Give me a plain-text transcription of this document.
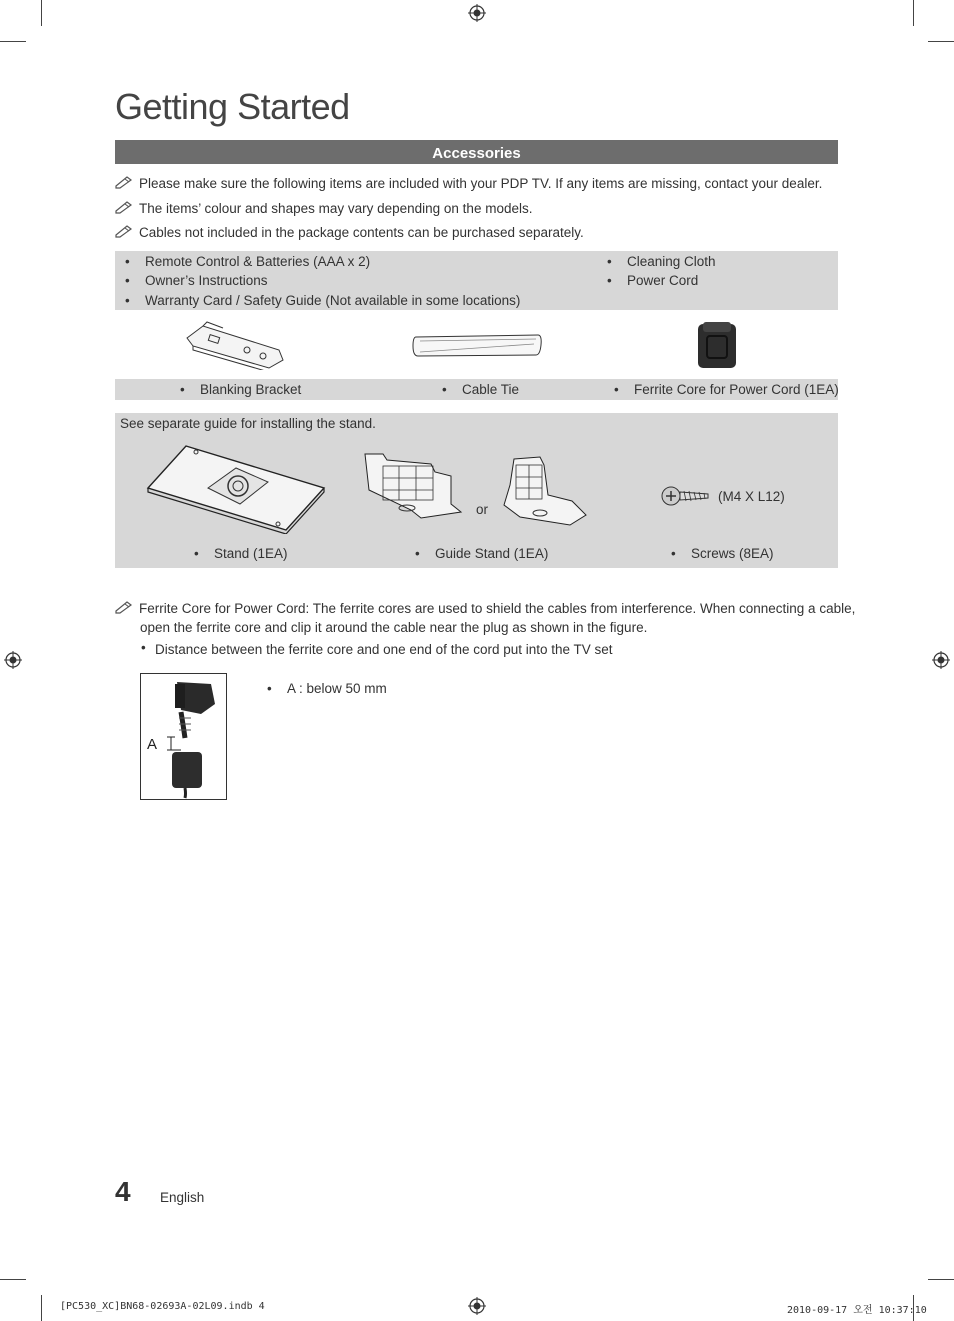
Getting Started
Accessories
Please make sure the following items are included with your PDP TV. If any items are missing, contact your dealer.
The items’ colour and shapes may vary depending on the models.
Cables not included in the package contents can be purchased separately.
• Remote Control & Batteries (AAA x 2)
• Owner’s Instructions
• Warranty Card / Safety Guide (Not available in some locations)
• Cleaning Cloth
• Power Cord
• Blanking Bracket	• Cable Tie	• Ferrite Core for Power Cord (1EA)
See separate guide for installing the stand.
or
(M4 X L12)
• Stand (1EA)	• Guide Stand (1EA)	• Screws (8EA)
Ferrite Core for Power Cord: The ferrite cores are used to shield the cables from interference. When connecting a cable,
open the ferrite core and clip it around the cable near the plug as shown in the figure.
• Distance between the ferrite core and one end of the cord put into the TV set
A
• A : below 50 mm
4 English
[PC530_XC]BN68-02693A-02L09.indb 4	2010-09-17 오전 10:37:10
